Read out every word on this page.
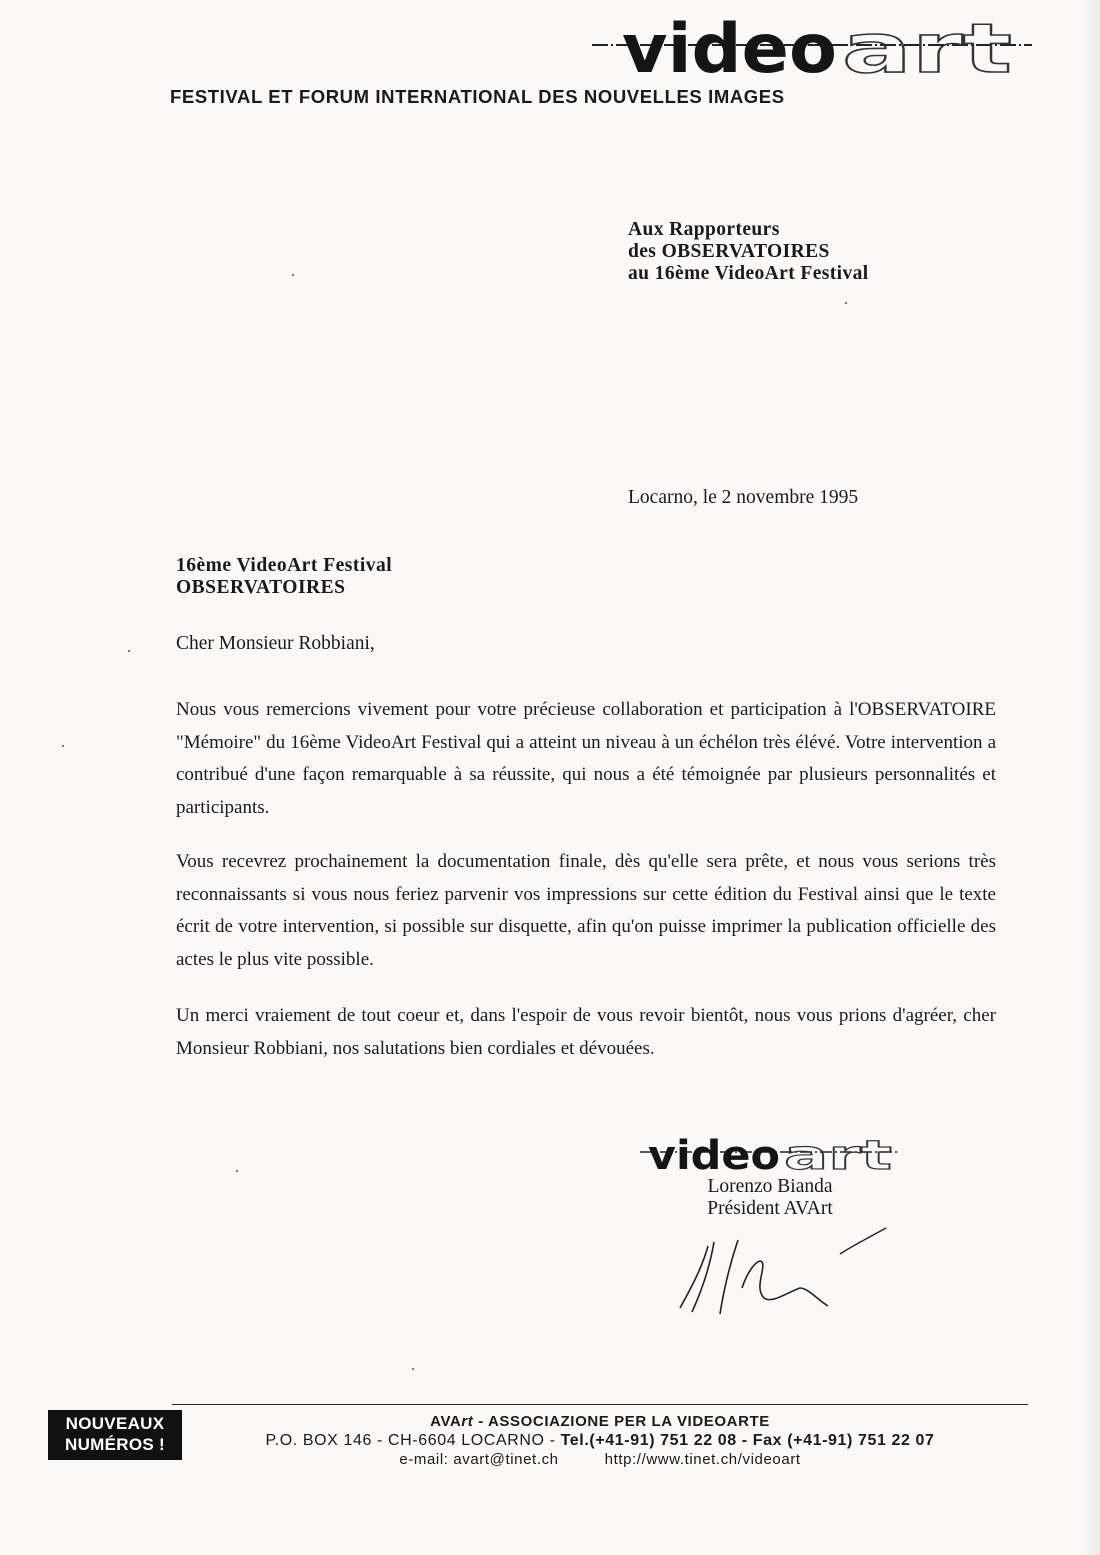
video art
FESTIVAL ET FORUM INTERNATIONAL DES NOUVELLES IMAGES
Aux Rapporteurs
des OBSERVATOIRES
au 16ème VideoArt Festival
Locarno, le 2 novembre 1995
16ème VideoArt Festival
OBSERVATOIRES
Cher Monsieur Robbiani,

Nous vous remercions vivement pour votre précieuse collaboration et participation à l'OBSERVATOIRE "Mémoire" du 16ème VideoArt Festival qui a atteint un niveau à un échélon très élévé. Votre intervention a contribué d'une façon remarquable à sa réussite, qui nous a été témoignée par plusieurs personnalités et participants.

Vous recevrez prochainement la documentation finale, dès qu'elle sera prête, et nous vous serions très reconnaissants si vous nous feriez parvenir vos impressions sur cette édition du Festival ainsi que le texte écrit de votre intervention, si possible sur disquette, afin qu'on puisse imprimer la publication officielle des actes le plus vite possible.

Un merci vraiement de tout coeur et, dans l'espoir de vous revoir bientôt, nous vous prions d'agréer, cher Monsieur Robbiani, nos salutations bien cordiales et dévouées.

video art
Lorenzo Bianda
Président AVArt
NOUVEAUX
NUMÉROS !
AVArt - ASSOCIAZIONE PER LA VIDEOARTE
P.O. BOX 146 - CH-6604 LOCARNO - Tel.(+41-91) 751 22 08 - Fax (+41-91) 751 22 07
e-mail: avart@tinet.ch	http://www.tinet.ch/videoart
